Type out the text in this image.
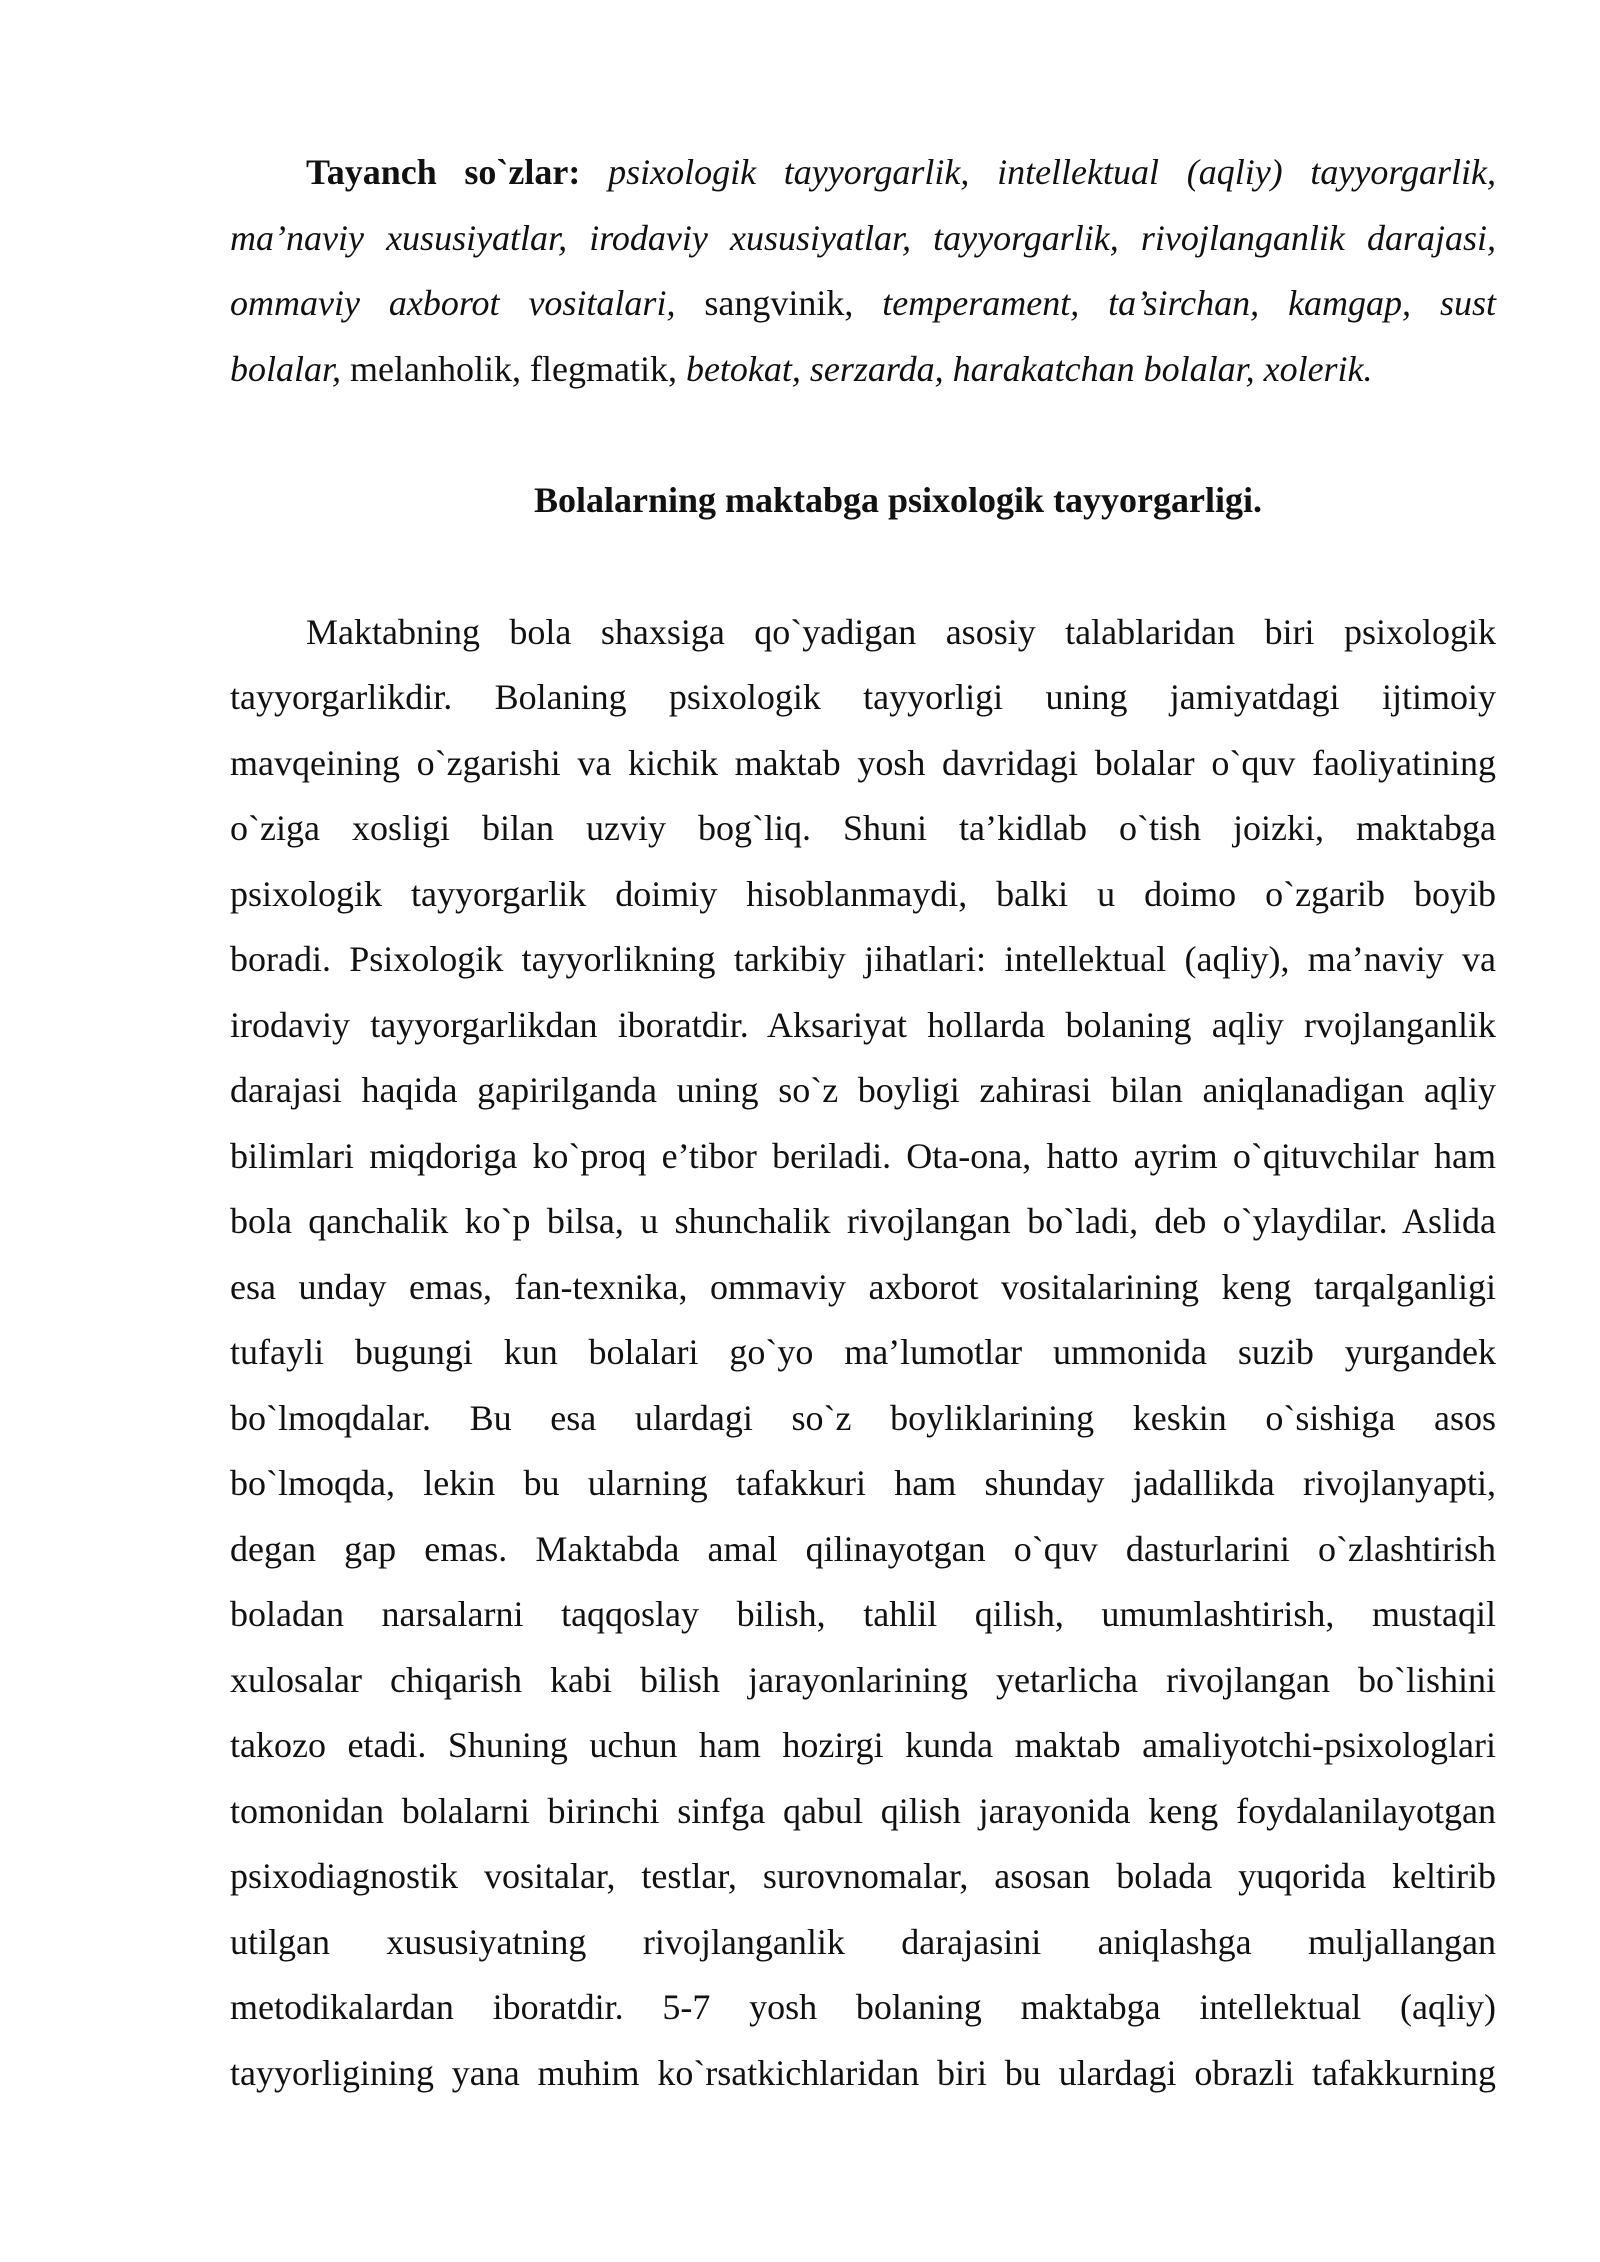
Tayanch so`zlar: psixologik tayyorgarlik, intellektual (aqliy) tayyorgarlik,
ma’naviy xususiyatlar, irodaviy xususiyatlar, tayyorgarlik, rivojlanganlik darajasi,
ommaviy axborot vositalari, sangvinik, temperament, ta’sirchan, kamgap, sust
bolalar, melanholik, flegmatik, betokat, serzarda, harakatchan bolalar, xolerik.
Bolalarning maktabga psixologik tayyorgarligi.
Maktabning bola shaxsiga qo`yadigan asosiy talablaridan biri psixologik
tayyorgarlikdir. Bolaning psixologik tayyorligi uning jamiyatdagi ijtimoiy
mavqeining o`zgarishi va kichik maktab yosh davridagi bolalar o`quv faoliyatining
o`ziga xosligi bilan uzviy bog`liq. Shuni ta’kidlab o`tish joizki, maktabga
psixologik tayyorgarlik doimiy hisoblanmaydi, balki u doimo o`zgarib boyib
boradi. Psixologik tayyorlikning tarkibiy jihatlari: intellektual (aqliy), ma’naviy va
irodaviy tayyorgarlikdan iboratdir. Aksariyat hollarda bolaning aqliy rvojlanganlik
darajasi haqida gapirilganda uning so`z boyligi zahirasi bilan aniqlanadigan aqliy
bilimlari miqdoriga ko`proq e’tibor beriladi. Ota-ona, hatto ayrim o`qituvchilar ham
bola qanchalik ko`p bilsa, u shunchalik rivojlangan bo`ladi, deb o`ylaydilar. Aslida
esa unday emas, fan-texnika, ommaviy axborot vositalarining keng tarqalganligi
tufayli bugungi kun bolalari go`yo ma’lumotlar ummonida suzib yurgandek
bo`lmoqdalar. Bu esa ulardagi so`z boyliklarining keskin o`sishiga asos
bo`lmoqda, lekin bu ularning tafakkuri ham shunday jadallikda rivojlanyapti,
degan gap emas. Maktabda amal qilinayotgan o`quv dasturlarini o`zlashtirish
boladan narsalarni taqqoslay bilish, tahlil qilish, umumlashtirish, mustaqil
xulosalar chiqarish kabi bilish jarayonlarining yetarlicha rivojlangan bo`lishini
takozo etadi. Shuning uchun ham hozirgi kunda maktab amaliyotchi-psixologlari
tomonidan bolalarni birinchi sinfga qabul qilish jarayonida keng foydalanilayotgan
psixodiagnostik vositalar, testlar, surovnomalar, asosan bolada yuqorida keltirib
utilgan xususiyatning rivojlanganlik darajasini aniqlashga muljallangan
metodikalardan iboratdir. 5-7 yosh bolaning maktabga intellektual (aqliy)
tayyorligining yana muhim ko`rsatkichlaridan biri bu ulardagi obrazli tafakkurning
